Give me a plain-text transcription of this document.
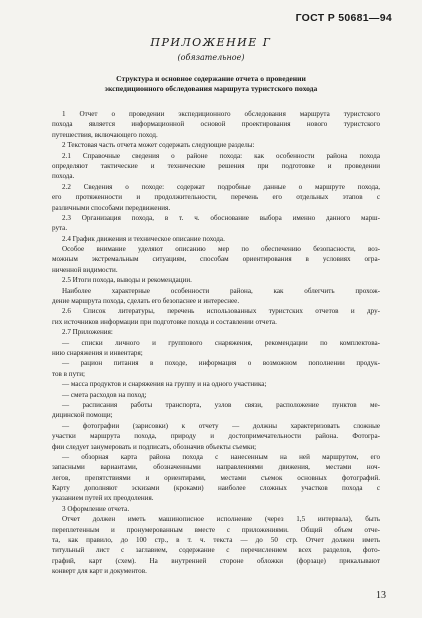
ГОСТ Р 50681—94
ПРИЛОЖЕНИЕ Г
(обязательное)
Структура и основное содержание отчета о проведении
экспедиционного обследования маршрута туристского похода
1 Отчет о проведении экспедиционного обследования маршрута туристского
похода является информационной основой проектирования нового туристского
путешествия, включающего поход.
2 Текстовая часть отчета может содержать следующие разделы:
2.1 Справочные сведения о районе похода: как особенности района похода
определяют тактические и технические решения при подготовке и проведении
похода.
2.2 Сведения о походе: содержат подробные данные о маршруте похода,
его протяженности и продолжительности, перечень его отдельных этапов с
различными способами передвижения.
2.3 Организация похода, в т. ч. обоснование выбора именно данного марш-
рута.
2.4 График движения и техническое описание похода.
Особое внимание уделяют описанию мер по обеспечению безопасности, воз-
можным экстремальным ситуациям, способам ориентирования в условиях огра-
ниченной видимости.
2.5 Итоги похода, выводы и рекомендации.
Наиболее характерные особенности района, как облегчить прохож-
дение маршрута похода, сделать его безопаснее и интереснее.
2.6 Список литературы, перечень использованных туристских отчетов и дру-
гих источников информации при подготовке похода и составлении отчета.
2.7 Приложения:
— списки личного и группового снаряжения, рекомендации по комплектова-
нию снаряжения и инвентаря;
— рацион питания в походе, информация о возможном пополнении продук-
тов в пути;
— масса продуктов и снаряжения на группу и на одного участника;
— смета расходов на поход;
— расписания работы транспорта, узлов связи, расположение пунктов ме-
дицинской помощи;
— фотографии (зарисовки) к отчету — должны характеризовать сложные
участки маршрута похода, природу и достопримечательности района. Фотогра-
фии следует занумеровать и подписать, обозначив объекты съемки;
— обзорная карта района похода с нанесенным на ней маршрутом, его
запасными вариантами, обозначенными направлениями движения, местами ноч-
легов, препятствиями и ориентирами, местами съемок основных фотографий.
Карту дополняют эскизами (кроками) наиболее сложных участков похода с
указанием путей их преодоления.
3 Оформление отчета.
Отчет должен иметь машинописное исполнение (через 1,5 интервала), быть
переплетенным и пронумерованным вместе с приложениями. Общий объем отче-
та, как правило, до 100 стр., в т. ч. текста — до 50 стр. Отчет должен иметь
титульный лист с заглавием, содержание с перечислением всех разделов, фото-
графий, карт (схем). На внутренней стороне обложки (форзаце) прикалывают
конверт для карт и документов.
13
